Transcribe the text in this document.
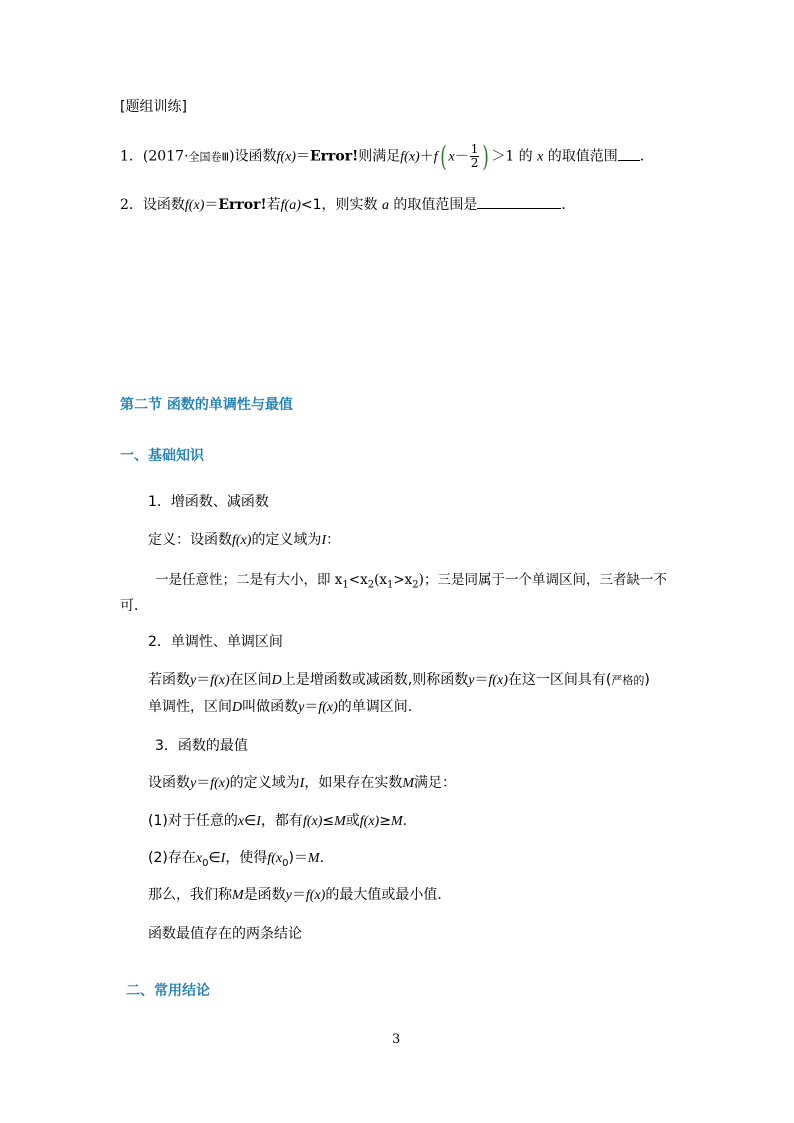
[题组训练]
1．(2017·全国卷Ⅲ)设函数f(x)＝Error!则满足f(x)＋f( $x- \frac{1}{2}$ ) ＞1 的 x 的取值范围 ．
2．设函数f(x)＝Error!若f(a)<1，则实数 a 的取值范围是	．
第二节 函数的单调性与最值
一、基础知识
1．增函数、减函数
定义：设函数f(x)的定义域为I：
一是任意性；二是有大小，即 $x_1<x_2(x_1>x_2)$；三是同属于一个单调区间，三者缺一不
可．
2．单调性、单调区间
若函数y＝f(x)在区间D上是增函数或减函数,则称函数y＝f(x)在这一区间具有(严格的)
单调性，区间D叫做函数y＝f(x)的单调区间.
3．函数的最值
设函数y＝f(x)的定义域为I，如果存在实数M满足：
(1)对于任意的x∈I，都有f(x)≤M或f(x)≥M.
(2)存在$x_0\in I$，使得$f(x_0)=M$.
那么，我们称M是函数y＝f(x)的最大值或最小值．
函数最值存在的两条结论
二、常用结论
3
